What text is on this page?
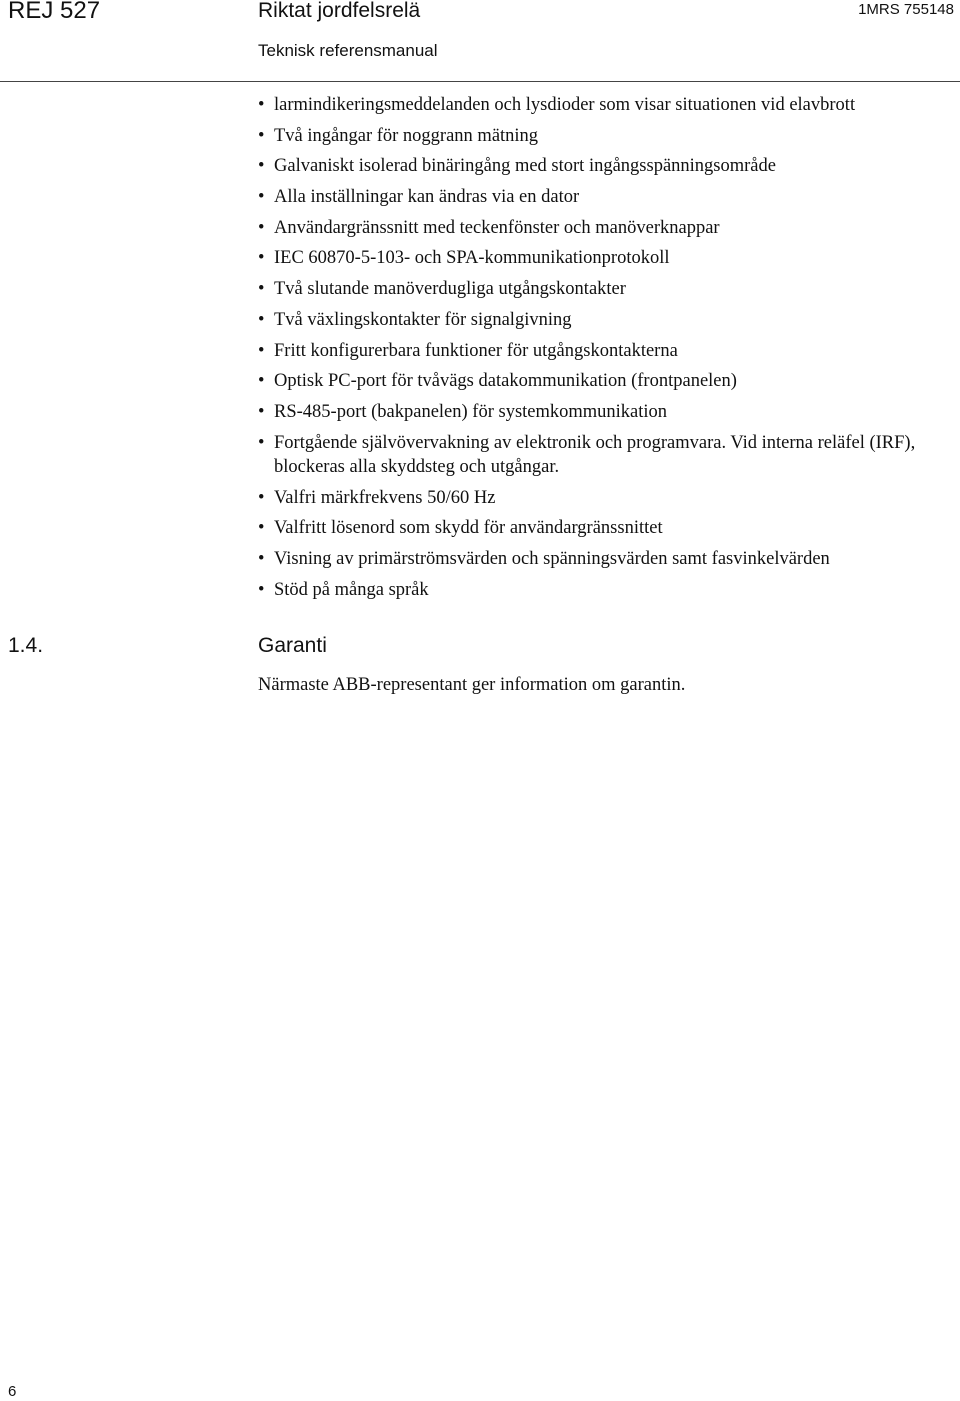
REJ 527	Riktat jordfelsrelä	1MRS 755148
Teknisk referensmanual
• larmindikeringsmeddelanden och lysdioder som visar situationen vid elavbrott
• Två ingångar för noggrann mätning
• Galvaniskt isolerad binäringång med stort ingångsspänningsområde
• Alla inställningar kan ändras via en dator
• Användargränssnitt med teckenfönster och manöverknappar
• IEC 60870-5-103- och SPA-kommunikationprotokoll
• Två slutande manöverdugliga utgångskontakter
• Två växlingskontakter för signalgivning
• Fritt konfigurerbara funktioner för utgångskontakterna
• Optisk PC-port för tvåvägs datakommunikation (frontpanelen)
• RS-485-port (bakpanelen) för systemkommunikation
• Fortgående självövervakning av elektronik och programvara. Vid interna reläfel (IRF), blockeras alla skyddsteg och utgångar.
• Valfri märkfrekvens 50/60 Hz
• Valfritt lösenord som skydd för användargränssnittet
• Visning av primärströmsvärden och spänningsvärden samt fasvinkelvärden
• Stöd på många språk
1.4.	Garanti
Närmaste ABB-representant ger information om garantin.
6
